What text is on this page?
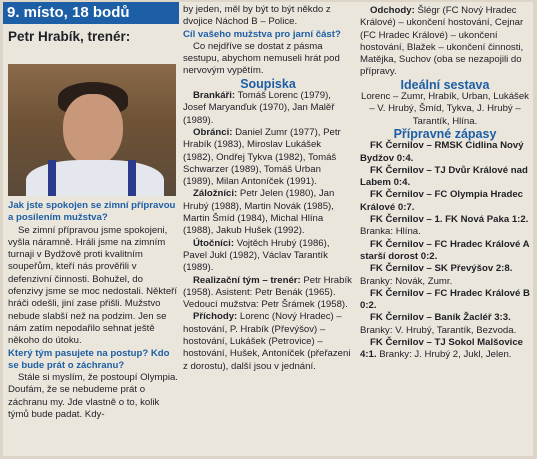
9. místo, 18 bodů
Petr Hrabík, trenér:

Jak jste spokojen se zimní přípravou a posílením mužstva?

Se zimní přípravou jsme spokojeni, vyšla náramně. Hráli jsme na zimním turnaji v Bydžově proti kvalitním soupeřům, kteří nás prověřili v defenzivní činnosti. Bohužel, do ofenzivy jsme se moc nedostali. Někteří hráči odešli, jiní zase přišli. Mužstvo nebude slabší než na podzim. Jen se nám zatím nepodařilo sehnat ještě někoho do útoku.

Který tým pasujete na postup? Kdo se bude prát o záchranu?

Stále si myslím, že postoupí Olympia. Doufám, že se nebudeme prát o záchranu my. Jde vlastně o to, kolik týmů bude padat. Kdy-

by jeden, měl by být to být někdo z dvojice Náchod B – Police.

Cíl vašeho mužstva pro jarní část?

Co nejdříve se dostat z pásma sestupu, abychom nemuseli hrát pod nervovým vypětím.

Soupiska

Brankáři: Tomáš Lorenc (1979), Josef Maryanďuk (1970), Jan Malěř (1989).

Obránci: Daniel Zumr (1977), Petr Hrabík (1983), Miroslav Lukášek (1982), Ondřej Tykva (1982), Tomáš Schwarzer (1989), Tomáš Urban (1989), Milan Antoníček (1991).

Záložníci: Petr Jelen (1980), Jan Hrubý (1988), Martin Novák (1985), Martin Šmíd (1984), Michal Hlína (1988), Jakub Hušek (1992).

Útočníci: Vojtěch Hrubý (1986), Pavel Jukl (1982), Václav Tarantík (1989).

Realizační tým – trenér: Petr Hrabík (1958). Asistent: Petr Benák (1965). Vedoucí mužstva: Petr Šrámek (1958).

Příchody: Lorenc (Nový Hradec) – hostování, P. Hrabík (Převýšov) – hostování, Lukášek (Petrovice) – hostování, Hušek, Antoníček (přeřazeni z dorostu), další jsou v jednání.

Odchody: Šlégr (FC Nový Hradec Králové) – ukončení hostování, Cejnar (FC Hradec Králové) – ukončení hostování, Blažek – ukončení činnosti, Matějka, Suchov (oba se nezapojili do přípravy.

Ideální sestava

Lorenc – Zumr, Hrabík, Urban, Lukášek – V. Hrubý, Šmíd, Tykva, J. Hrubý – Tarantík, Hlína.

Přípravné zápasy

FK Černilov – RMSK Cidlina Nový Bydžov 0:4.

FK Černilov – TJ Dvůr Králové nad Labem 0:4.

FK Černilov – FC Olympia Hradec Králové 0:7.

FK Černilov – 1. FK Nová Paka 1:2. Branka: Hlína.

FK Černilov – FC Hradec Králové A starší dorost 0:2.

FK Černilov – SK Převýšov 2:8. Branky: Novák, Zumr.

FK Černilov – FC Hradec Králové B 0:2.

FK Černilov – Baník Žacléř 3:3. Branky: V. Hrubý, Tarantík, Bezvoda.

FK Černilov – TJ Sokol Malšovice 4:1. Branky: J. Hrubý 2, Jukl, Jelen.
